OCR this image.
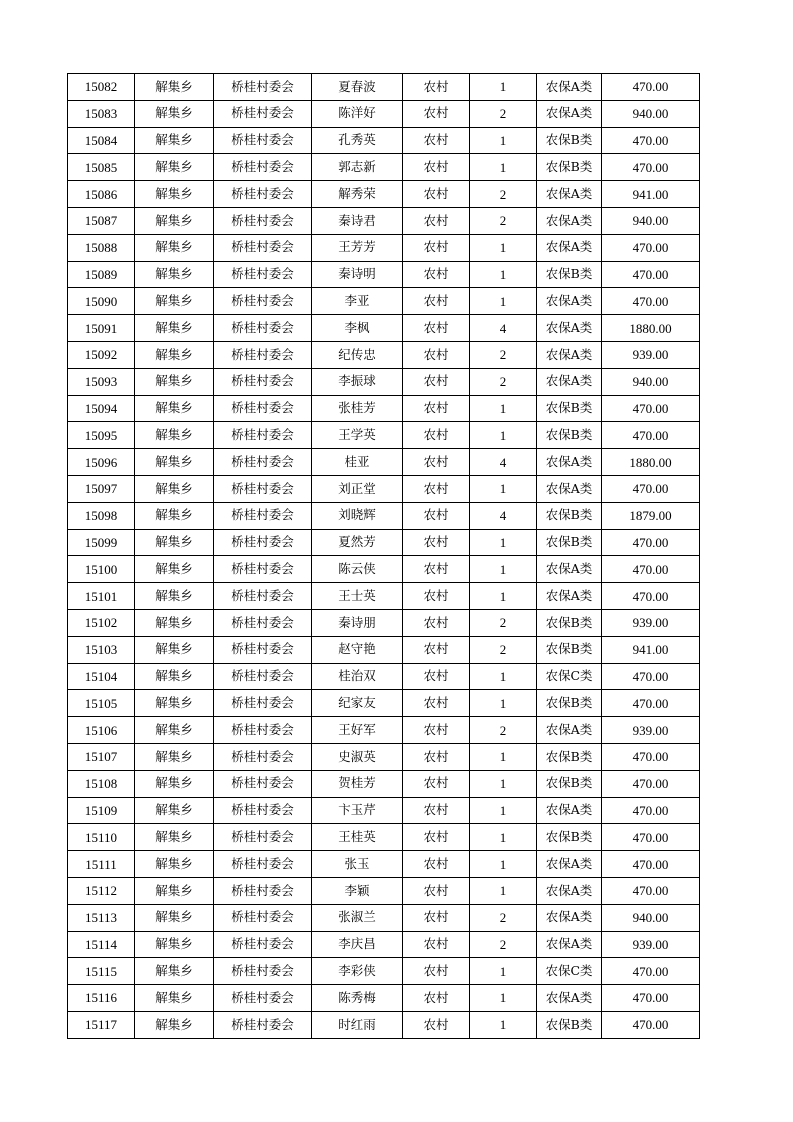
15082	解集乡	桥桂村委会	夏春波	农村	1	农保A类	470.00
15083	解集乡	桥桂村委会	陈洋好	农村	2	农保A类	940.00
15084	解集乡	桥桂村委会	孔秀英	农村	1	农保B类	470.00
15085	解集乡	桥桂村委会	郭志新	农村	1	农保B类	470.00
15086	解集乡	桥桂村委会	解秀荣	农村	2	农保A类	941.00
15087	解集乡	桥桂村委会	秦诗君	农村	2	农保A类	940.00
15088	解集乡	桥桂村委会	王芳芳	农村	1	农保A类	470.00
15089	解集乡	桥桂村委会	秦诗明	农村	1	农保B类	470.00
15090	解集乡	桥桂村委会	李亚	农村	1	农保A类	470.00
15091	解集乡	桥桂村委会	李枫	农村	4	农保A类	1880.00
15092	解集乡	桥桂村委会	纪传忠	农村	2	农保A类	939.00
15093	解集乡	桥桂村委会	李振球	农村	2	农保A类	940.00
15094	解集乡	桥桂村委会	张桂芳	农村	1	农保B类	470.00
15095	解集乡	桥桂村委会	王学英	农村	1	农保B类	470.00
15096	解集乡	桥桂村委会	桂亚	农村	4	农保A类	1880.00
15097	解集乡	桥桂村委会	刘正堂	农村	1	农保A类	470.00
15098	解集乡	桥桂村委会	刘晓辉	农村	4	农保B类	1879.00
15099	解集乡	桥桂村委会	夏然芳	农村	1	农保B类	470.00
15100	解集乡	桥桂村委会	陈云侠	农村	1	农保A类	470.00
15101	解集乡	桥桂村委会	王士英	农村	1	农保A类	470.00
15102	解集乡	桥桂村委会	秦诗朋	农村	2	农保B类	939.00
15103	解集乡	桥桂村委会	赵守艳	农村	2	农保B类	941.00
15104	解集乡	桥桂村委会	桂治双	农村	1	农保C类	470.00
15105	解集乡	桥桂村委会	纪家友	农村	1	农保B类	470.00
15106	解集乡	桥桂村委会	王好军	农村	2	农保A类	939.00
15107	解集乡	桥桂村委会	史淑英	农村	1	农保B类	470.00
15108	解集乡	桥桂村委会	贺桂芳	农村	1	农保B类	470.00
15109	解集乡	桥桂村委会	卞玉芹	农村	1	农保A类	470.00
15110	解集乡	桥桂村委会	王桂英	农村	1	农保B类	470.00
15111	解集乡	桥桂村委会	张玉	农村	1	农保A类	470.00
15112	解集乡	桥桂村委会	李颖	农村	1	农保A类	470.00
15113	解集乡	桥桂村委会	张淑兰	农村	2	农保A类	940.00
15114	解集乡	桥桂村委会	李庆昌	农村	2	农保A类	939.00
15115	解集乡	桥桂村委会	李彩侠	农村	1	农保C类	470.00
15116	解集乡	桥桂村委会	陈秀梅	农村	1	农保A类	470.00
15117	解集乡	桥桂村委会	时红雨	农村	1	农保B类	470.00
